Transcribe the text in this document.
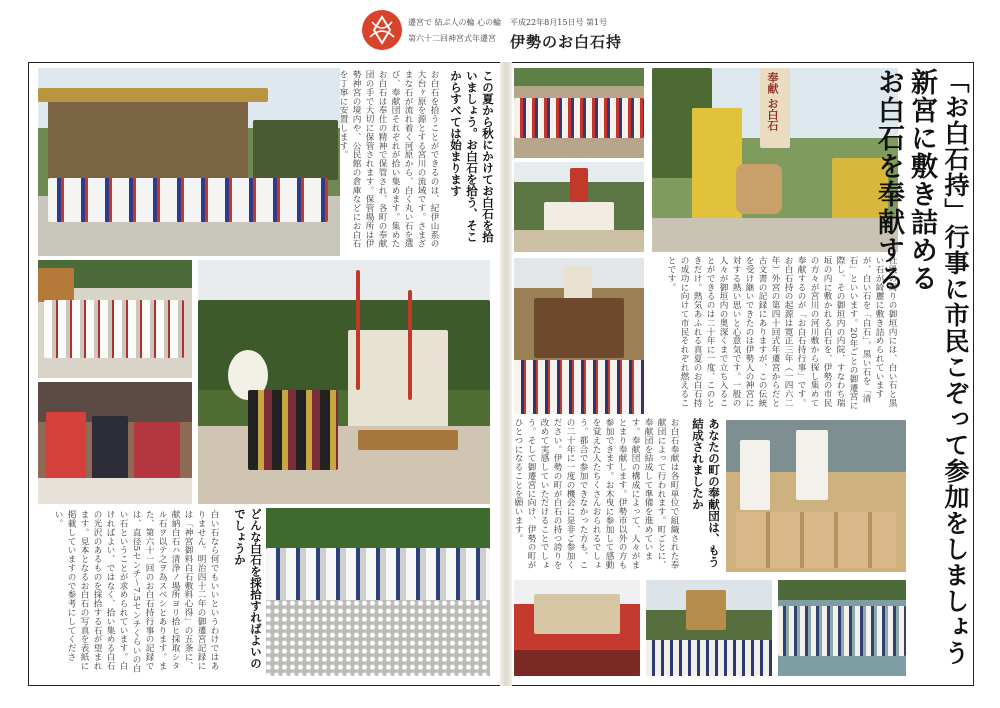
遷宮で 結ぶ人の輪 心の輪
第六十二回神宮式年遷宮
平成22年8月15日号 第1号
伊勢のお白石持
この夏から秋にかけてお白石を拾いましょう。お白石を拾う、そこからすべては始まります
お白石を拾うことができるのは、紀伊山系の大台ヶ原を源とする宮川の流域です。さまざまな石が流れ着く河原から、白く丸い石を選び、奉献団それぞれが拾い集めます。集めたお白石は奉仕の精神で保管され、各町の奉献団の手で大切に保管されます。保管場所は伊勢神宮の境内や、公民館の倉庫などにお白石を丁寧に安置します。
どんな白石を採拾すればよいのでしょうか
白い石なら何でもいいというわけではありません。明治四十二年の御遷宮記録には「神宮御料白石敷料心得」の五条に、献納白石ハ清浄ノ場所ヨリ拾ヒ採取シタル石ヲ以テ之ヲ為スベシとあります。また、第六十一回のお白石持行事の記録では、直径5センチ〜7.5センチくらいの白い石ということが求められています。白ければよい、ではなく、拾い集める白石の光沢のあるものを採拾する石が望まれます。見本となるお白石の写真を表紙に掲載していますので参考にしてください。
奉献 お白石	新宮に敷き詰めるお白石を奉献する	「お白石持」行事に市民こぞって参加をしましょう
社殿の周りの御垣内には、白い石と黒い石が綺麗に敷き詰められていますが、白い石を「白石」、黒い石を「清石」といいます。20年ごとの御遷宮に際し、その御垣内の内院、すなわち瑞垣の内に敷かれる白石を、伊勢の市民の方々が宮川の河川敷から探し集めて奉献するのが「お白石持行事」です。お白石持の起源は寛正三年（一四六二年）外宮の第四十回式年遷宮からだと古文書の記録にありますが、この伝統を受け継いできたのは伊勢人の神宮に対する熱い思いと心意気です。一般の人々が御垣内の奥深くまで立ち入ることができるのは二十年に一度、このときだけ。熱気あふれる真夏のお白石持の成功に向けて市民それぞれ燃えることです。
あなたの町の奉献団は、もう結成されましたか
お白石奉献は各町単位で組織された奉献団によって行われます。町ごとに、奉献団を結成して準備を進めています。奉献団の構成によって、人々がまとまり奉献します。伊勢市以外の方も参加できます。お木曳に参加して感動を覚えた人たちくさんおられるでしょう。都合で参加できなかった方も、この二十年に一度の機会に是非ご参加ください。伊勢の町が白石の持つ誇りを改めて実感していただけることでしょう。そして御遷宮に向け、伊勢の町がひとつになることを願います。
